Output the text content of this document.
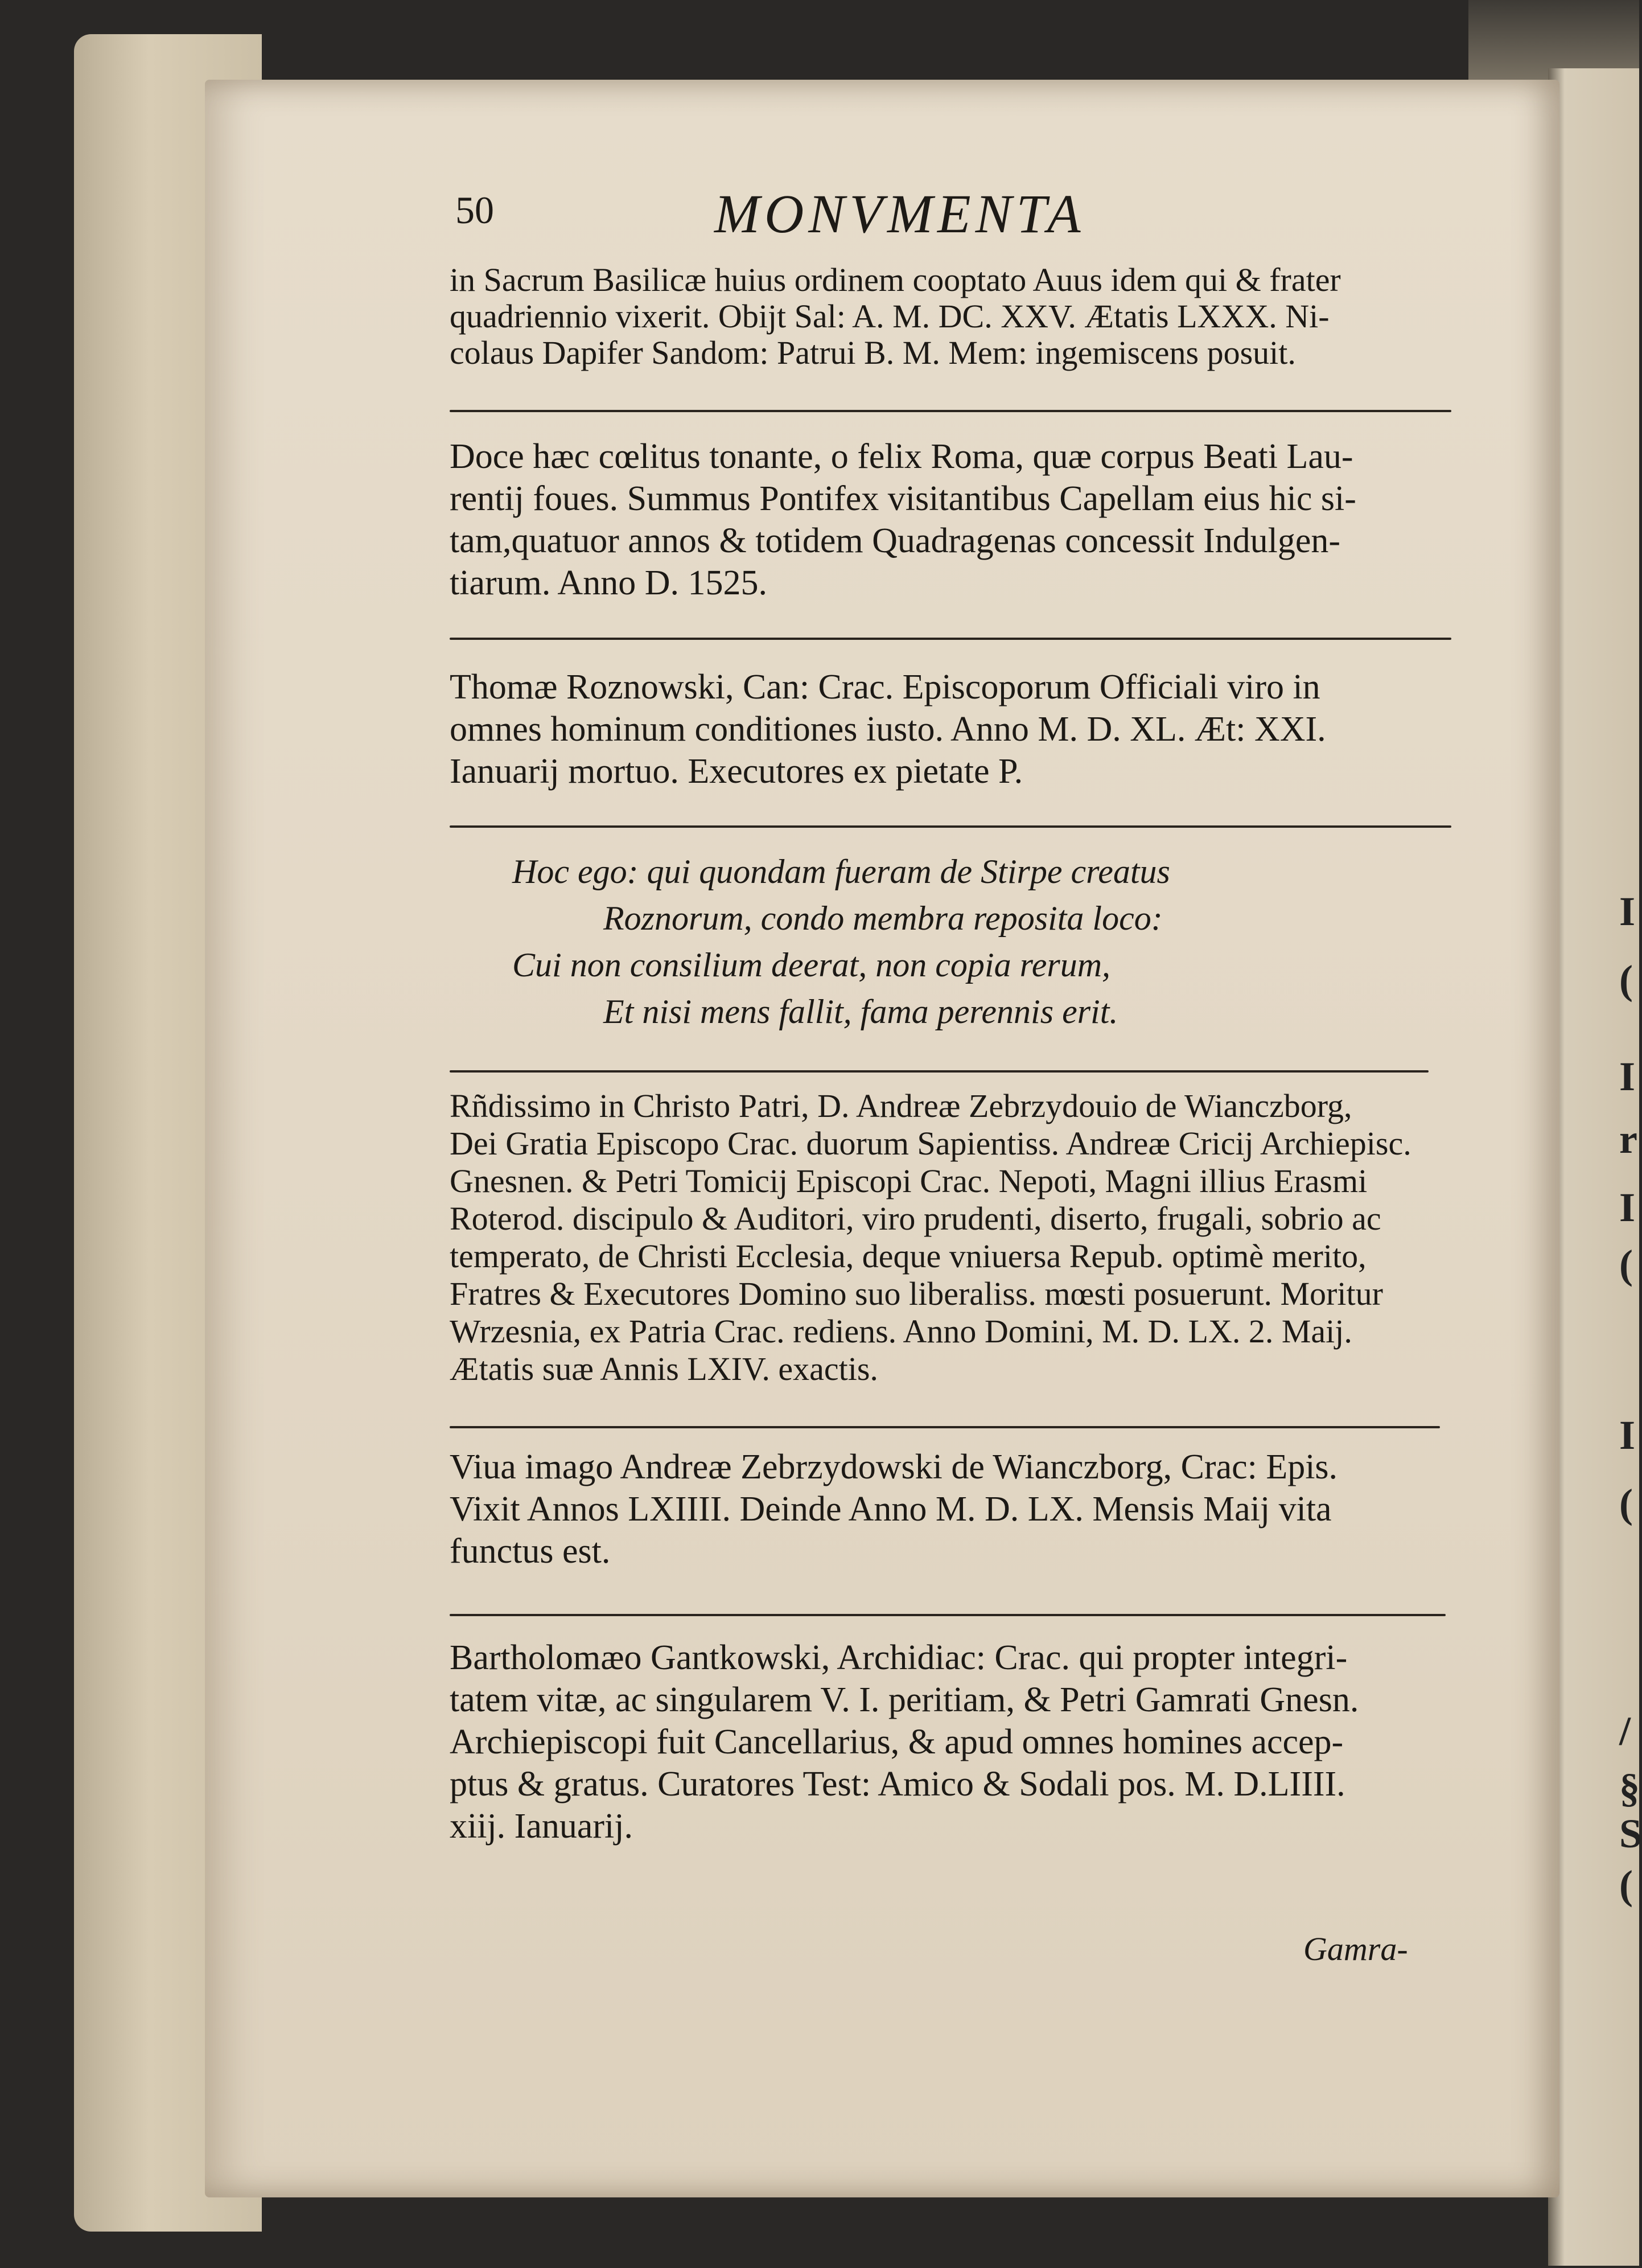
I
(
I
r
I
(
I
(
/
§
S
(
50	MONVMENTA

in Sacrum Basilicæ huius ordinem cooptato Auus idem qui & frater

quadriennio vixerit. Obijt Sal: A. M. DC. XXV. Ætatis LXXX. Ni-

colaus Dapifer Sandom: Patrui B. M. Mem: ingemiscens posuit.

Doce hæc cœlitus tonante, o felix Roma, quæ corpus Beati Lau-

rentij foues. Summus Pontifex visitantibus Capellam eius hic si-

tam,quatuor annos & totidem Quadragenas concessit Indulgen-

tiarum. Anno D. 1525.

Thomæ Roznowski, Can: Crac. Episcoporum Officiali viro in

omnes hominum conditiones iusto. Anno M. D. XL. Æt: XXI.

Ianuarij mortuo. Executores ex pietate P.

Hoc ego: qui quondam fueram de Stirpe creatus

Roznorum, condo membra reposita loco:

Cui non consilium deerat, non copia rerum,

Et nisi mens fallit, fama perennis erit.

Rñdissimo in Christo Patri, D. Andreæ Zebrzydouio de Wianczborg,

Dei Gratia Episcopo Crac. duorum Sapientiss. Andreæ Cricij Archiepisc.

Gnesnen. & Petri Tomicij Episcopi Crac. Nepoti, Magni illius Erasmi

Roterod. discipulo & Auditori, viro prudenti, diserto, frugali, sobrio ac

temperato, de Christi Ecclesia, deque vniuersa Repub. optimè merito,

Fratres & Executores Domino suo liberaliss. mœsti posuerunt. Moritur

Wrzesnia, ex Patria Crac. rediens. Anno Domini, M. D. LX. 2. Maij.

Ætatis suæ Annis LXIV. exactis.

Viua imago Andreæ Zebrzydowski de Wianczborg, Crac: Epis.

Vixit Annos LXIIII. Deinde Anno M. D. LX. Mensis Maij vita

functus est.

Bartholomæo Gantkowski, Archidiac: Crac. qui propter integri-

tatem vitæ, ac singularem V. I. peritiam, & Petri Gamrati Gnesn.

Archiepiscopi fuit Cancellarius, & apud omnes homines accep-

ptus & gratus. Curatores Test: Amico & Sodali pos. M. D.LIIII.

xiij. Ianuarij.

Gamra-
